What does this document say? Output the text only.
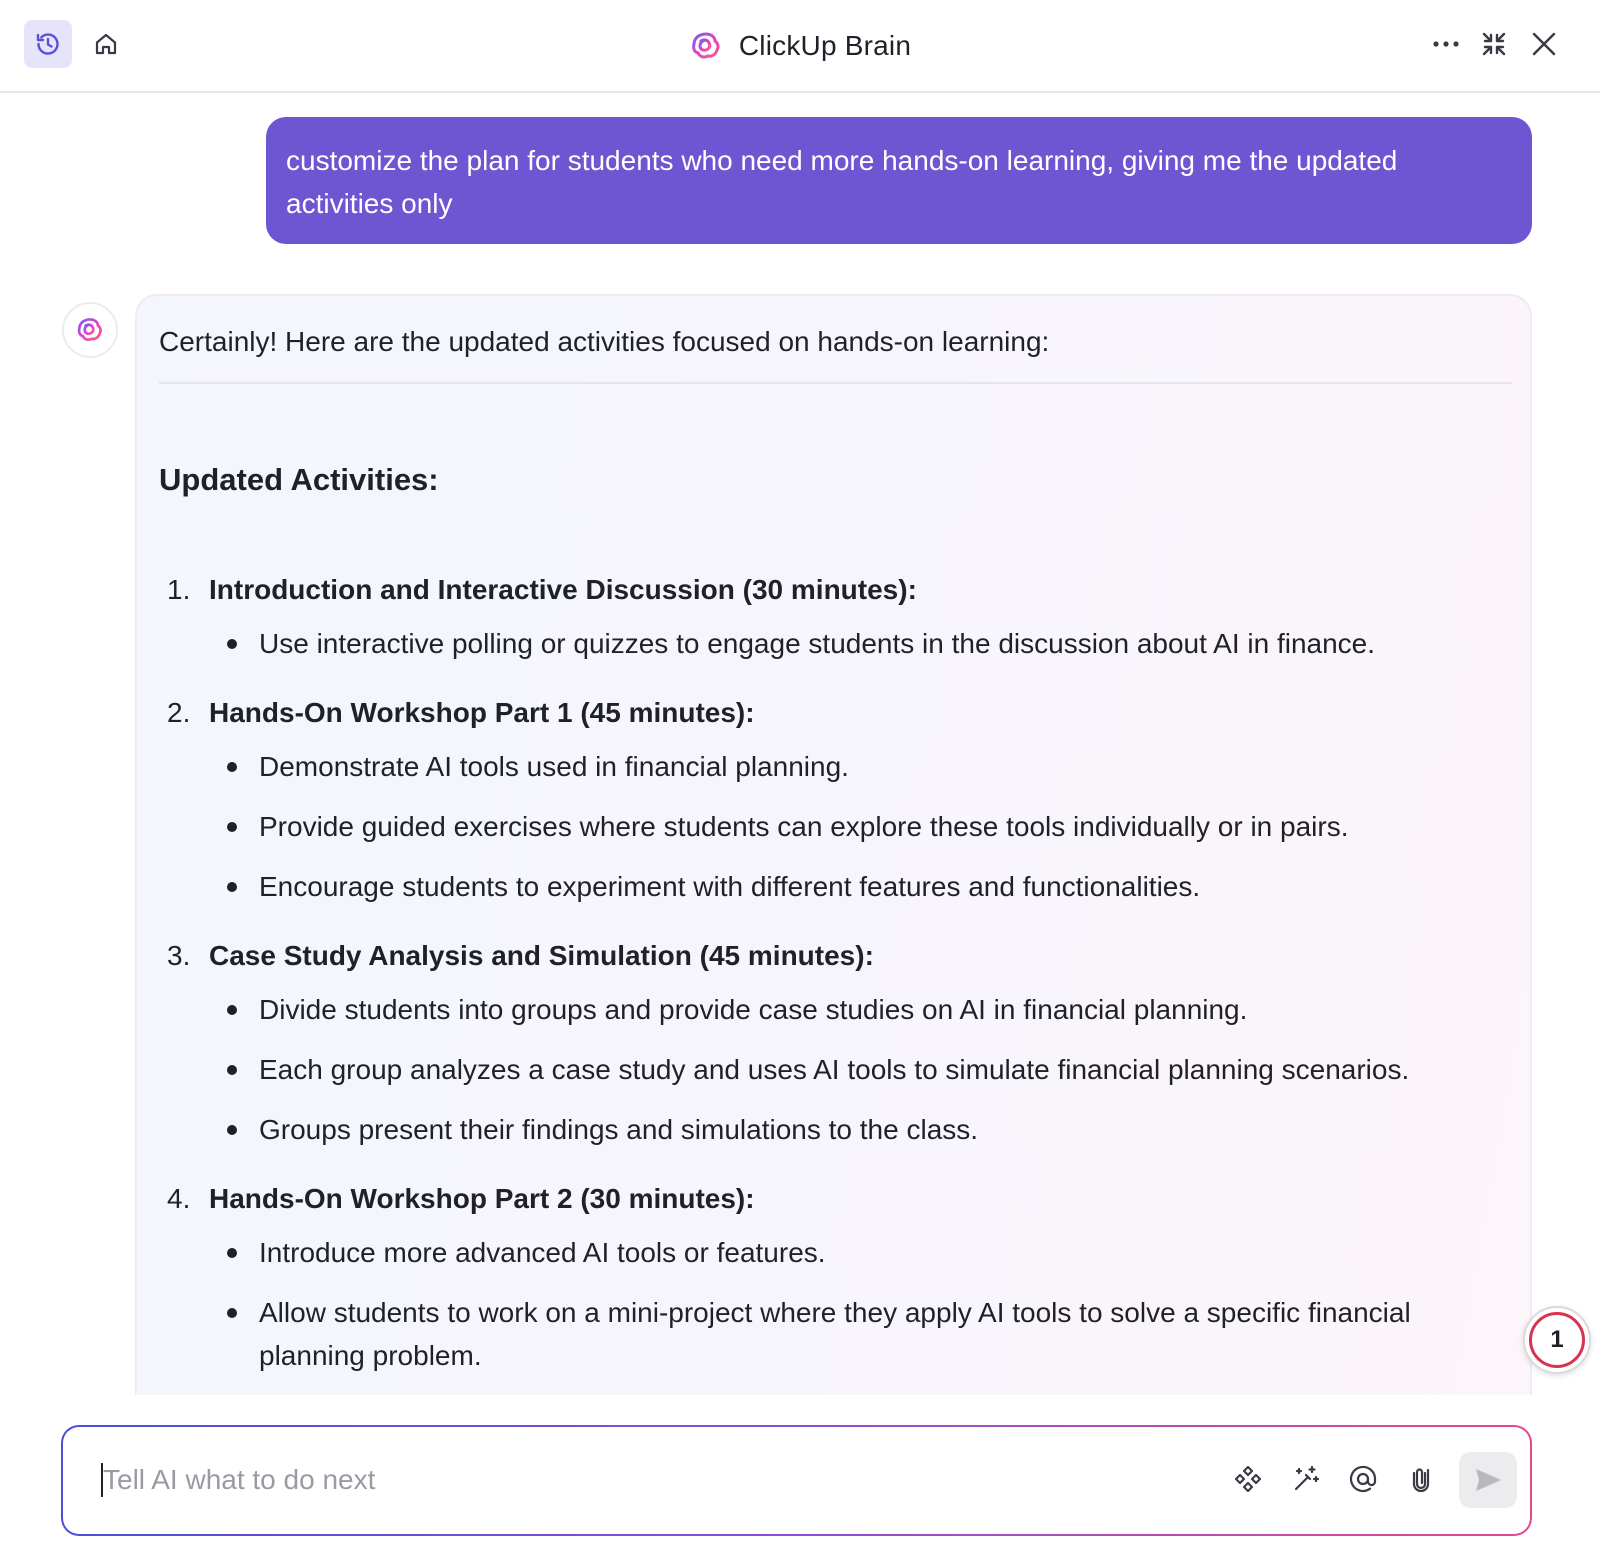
ClickUp Brain
customize the plan for students who need more hands-on learning, giving me the updated activities only

Certainly! Here are the updated activities focused on hands-on learning:

Updated Activities:
1. Introduction and Interactive Discussion (30 minutes):
Use interactive polling or quizzes to engage students in the discussion about AI in finance.
2. Hands-On Workshop Part 1 (45 minutes):
Demonstrate AI tools used in financial planning.
Provide guided exercises where students can explore these tools individually or in pairs.
Encourage students to experiment with different features and functionalities.
3. Case Study Analysis and Simulation (45 minutes):
Divide students into groups and provide case studies on AI in financial planning.
Each group analyzes a case study and uses AI tools to simulate financial planning scenarios.
Groups present their findings and simulations to the class.
4. Hands-On Workshop Part 2 (30 minutes):
Introduce more advanced AI tools or features.
Allow students to work on a mini-project where they apply AI tools to solve a specific financial planning problem.
1
Tell AI what to do next
